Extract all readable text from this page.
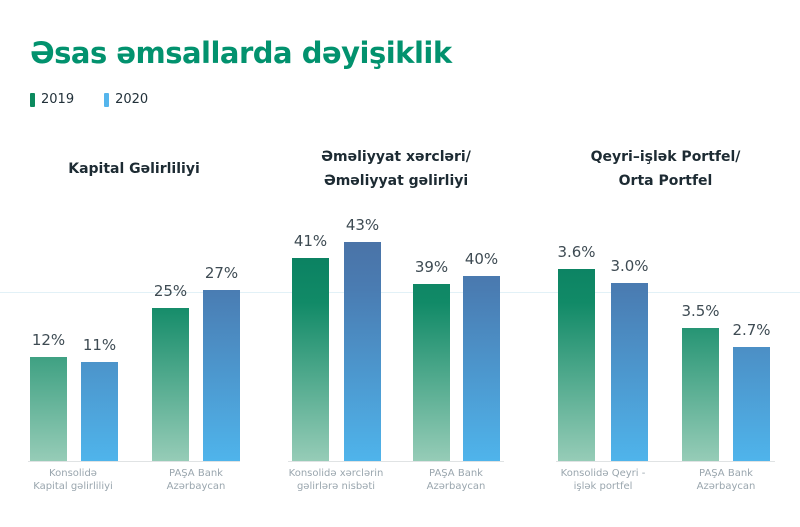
Əsas əmsallarda dəyişiklik
2019	2020
Kapital Gəlirliliyi
12% 11%
25%
27%
Konsolidə
Kapital gəlirliliyi
PAŞA Bank
Azərbaycan
Əməliyyat xərcləri/
Əməliyyat gəlirliyi
41%
43%
39% 40%
Konsolidə xərclərin
gəlirlərə nisbəti
PAŞA Bank
Azərbaycan
Qeyri–işlək Portfel/
Orta Portfel
3.6%
3.0%
3.5%
2.7%
Konsolidə Qeyri -
işlək portfel
PAŞA Bank
Azərbaycan
